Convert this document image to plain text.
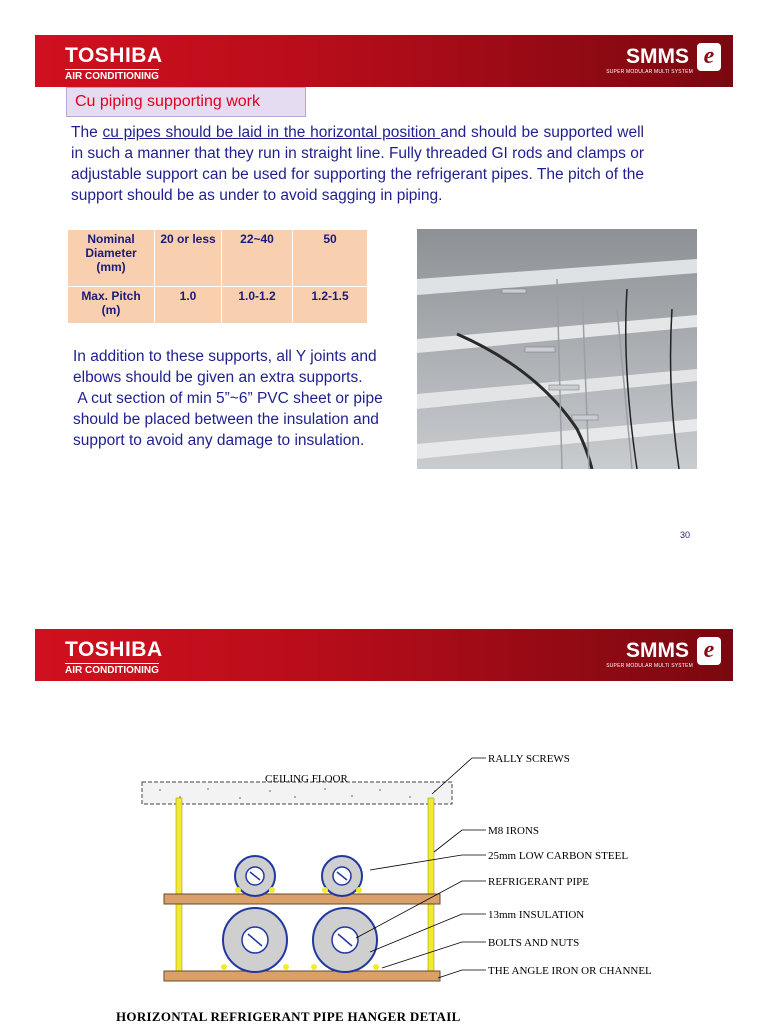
TOSHIBA
AIR CONDITIONING
SMMS
SUPER MODULAR MULTI SYSTEM
e
Cu piping supporting work
The cu pipes should be laid in the horizontal position and should be supported well in such a manner that they run in straight line. Fully threaded GI rods and clamps or adjustable support can be used for supporting the refrigerant pipes. The pitch of the support should be as under to avoid sagging in piping.
Nominal Diameter (mm)	20 or less	22~40	50
Max. Pitch (m)	1.0	1.0-1.2	1.2-1.5
In addition to these supports, all Y joints and elbows should be given an extra supports.
A cut section of min 5”~6” PVC sheet or pipe should be placed between the insulation and support to avoid any damage to insulation.
30
TOSHIBA
AIR CONDITIONING
SMMS
SUPER MODULAR MULTI SYSTEM
e
CEILING FLOOR
RALLY SCREWS
M8 IRONS
25mm LOW CARBON STEEL
REFRIGERANT PIPE
13mm INSULATION
BOLTS AND NUTS
THE ANGLE IRON OR CHANNEL
HORIZONTAL REFRIGERANT PIPE HANGER DETAIL
